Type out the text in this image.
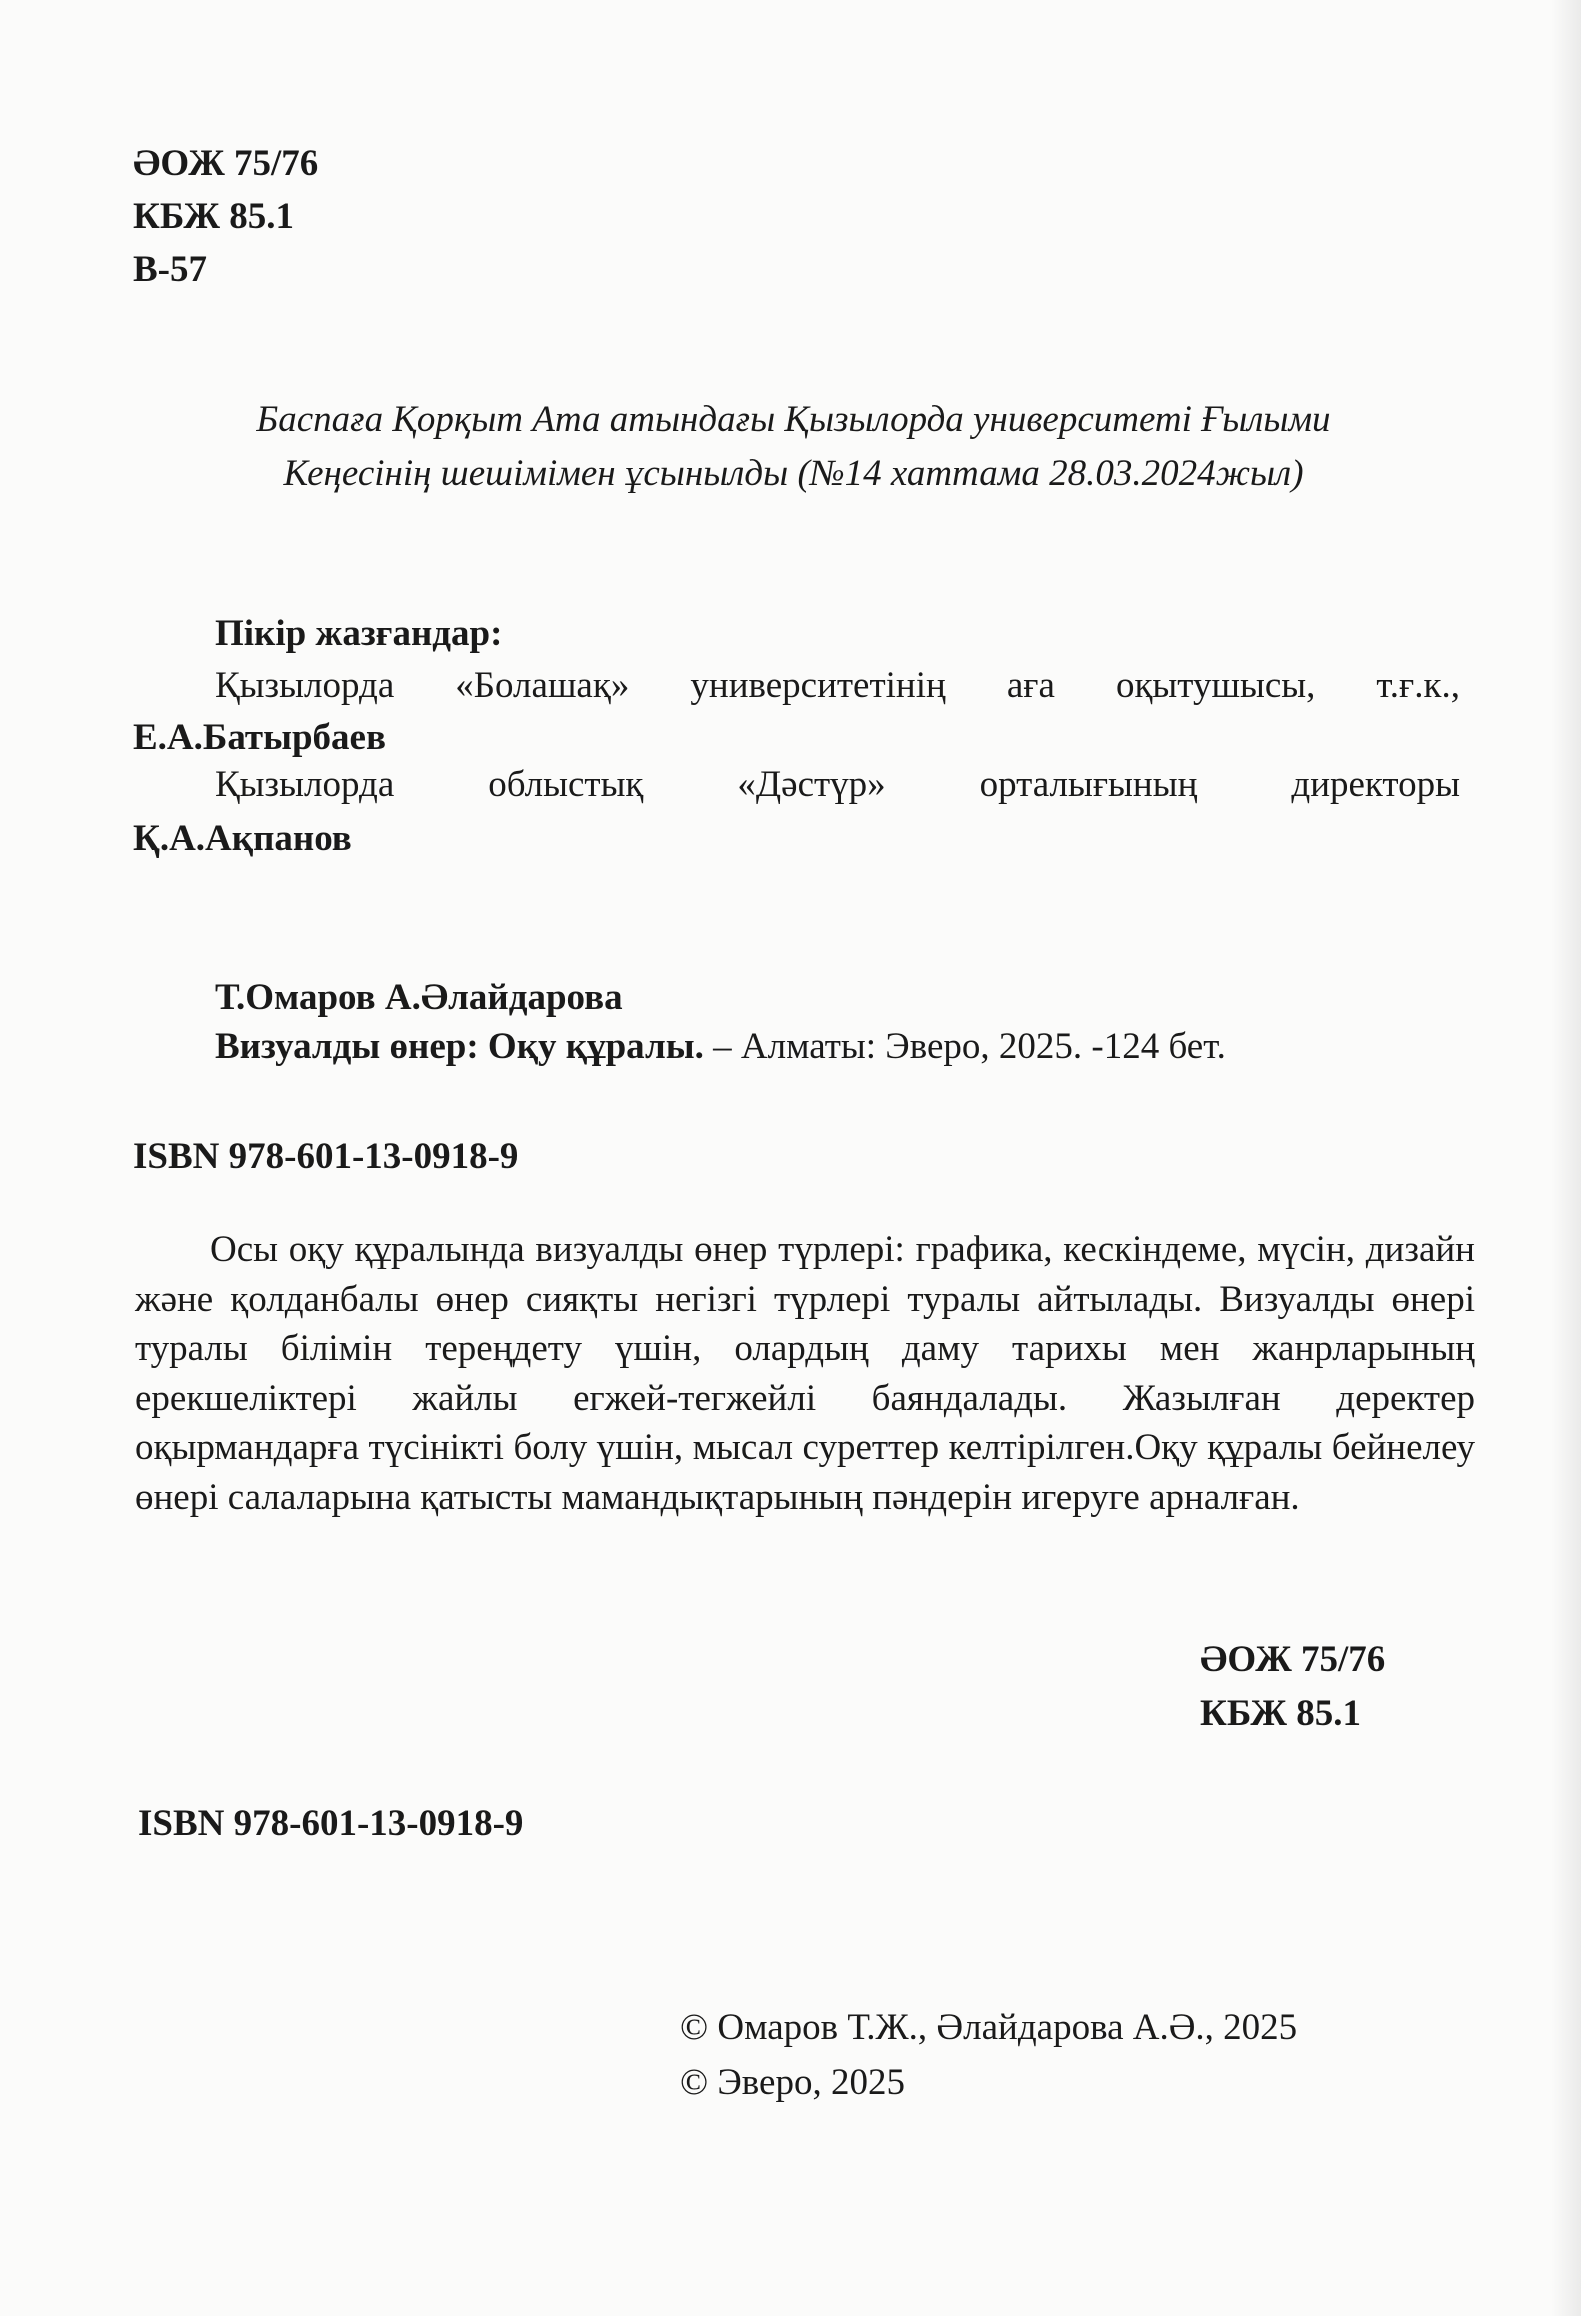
ӘОЖ 75/76
КБЖ 85.1
В-57
Баспаға Қорқыт Ата атындағы Қызылорда университеті Ғылыми
Кеңесінің шешімімен ұсынылды (№14 хаттама 28.03.2024жыл)
Пікір жазғандар:
Қызылорда «Болашақ» университетінің аға оқытушысы, т.ғ.к.,
Е.А.Батырбаев
Қызылорда	облыстық	«Дәстүр»	орталығының	директоры
Қ.А.Ақпанов
Т.Омаров А.Әлайдарова
Визуалды өнер: Оқу құралы. – Алматы: Эверо, 2025. -124 бет.
ISBN 978-601-13-0918-9
Осы оқу құралында визуалды өнер түрлері: графика, кескіндеме, мүсін, дизайн және қолданбалы өнер сияқты негізгі түрлері туралы айтылады. Визуалды өнері туралы білімін тереңдету үшін, олардың даму тарихы мен жанрларының ерекшеліктері жайлы егжей-тегжейлі баяндалады. Жазылған деректер оқырмандарға түсінікті болу үшін, мысал суреттер келтірілген.Оқу құралы бейнелеу өнері салаларына қатысты мамандықтарының пәндерін игеруге арналған.
ӘОЖ 75/76
КБЖ 85.1
ISBN 978-601-13-0918-9
© Омаров Т.Ж., Әлайдарова А.Ә., 2025
© Эверо, 2025
